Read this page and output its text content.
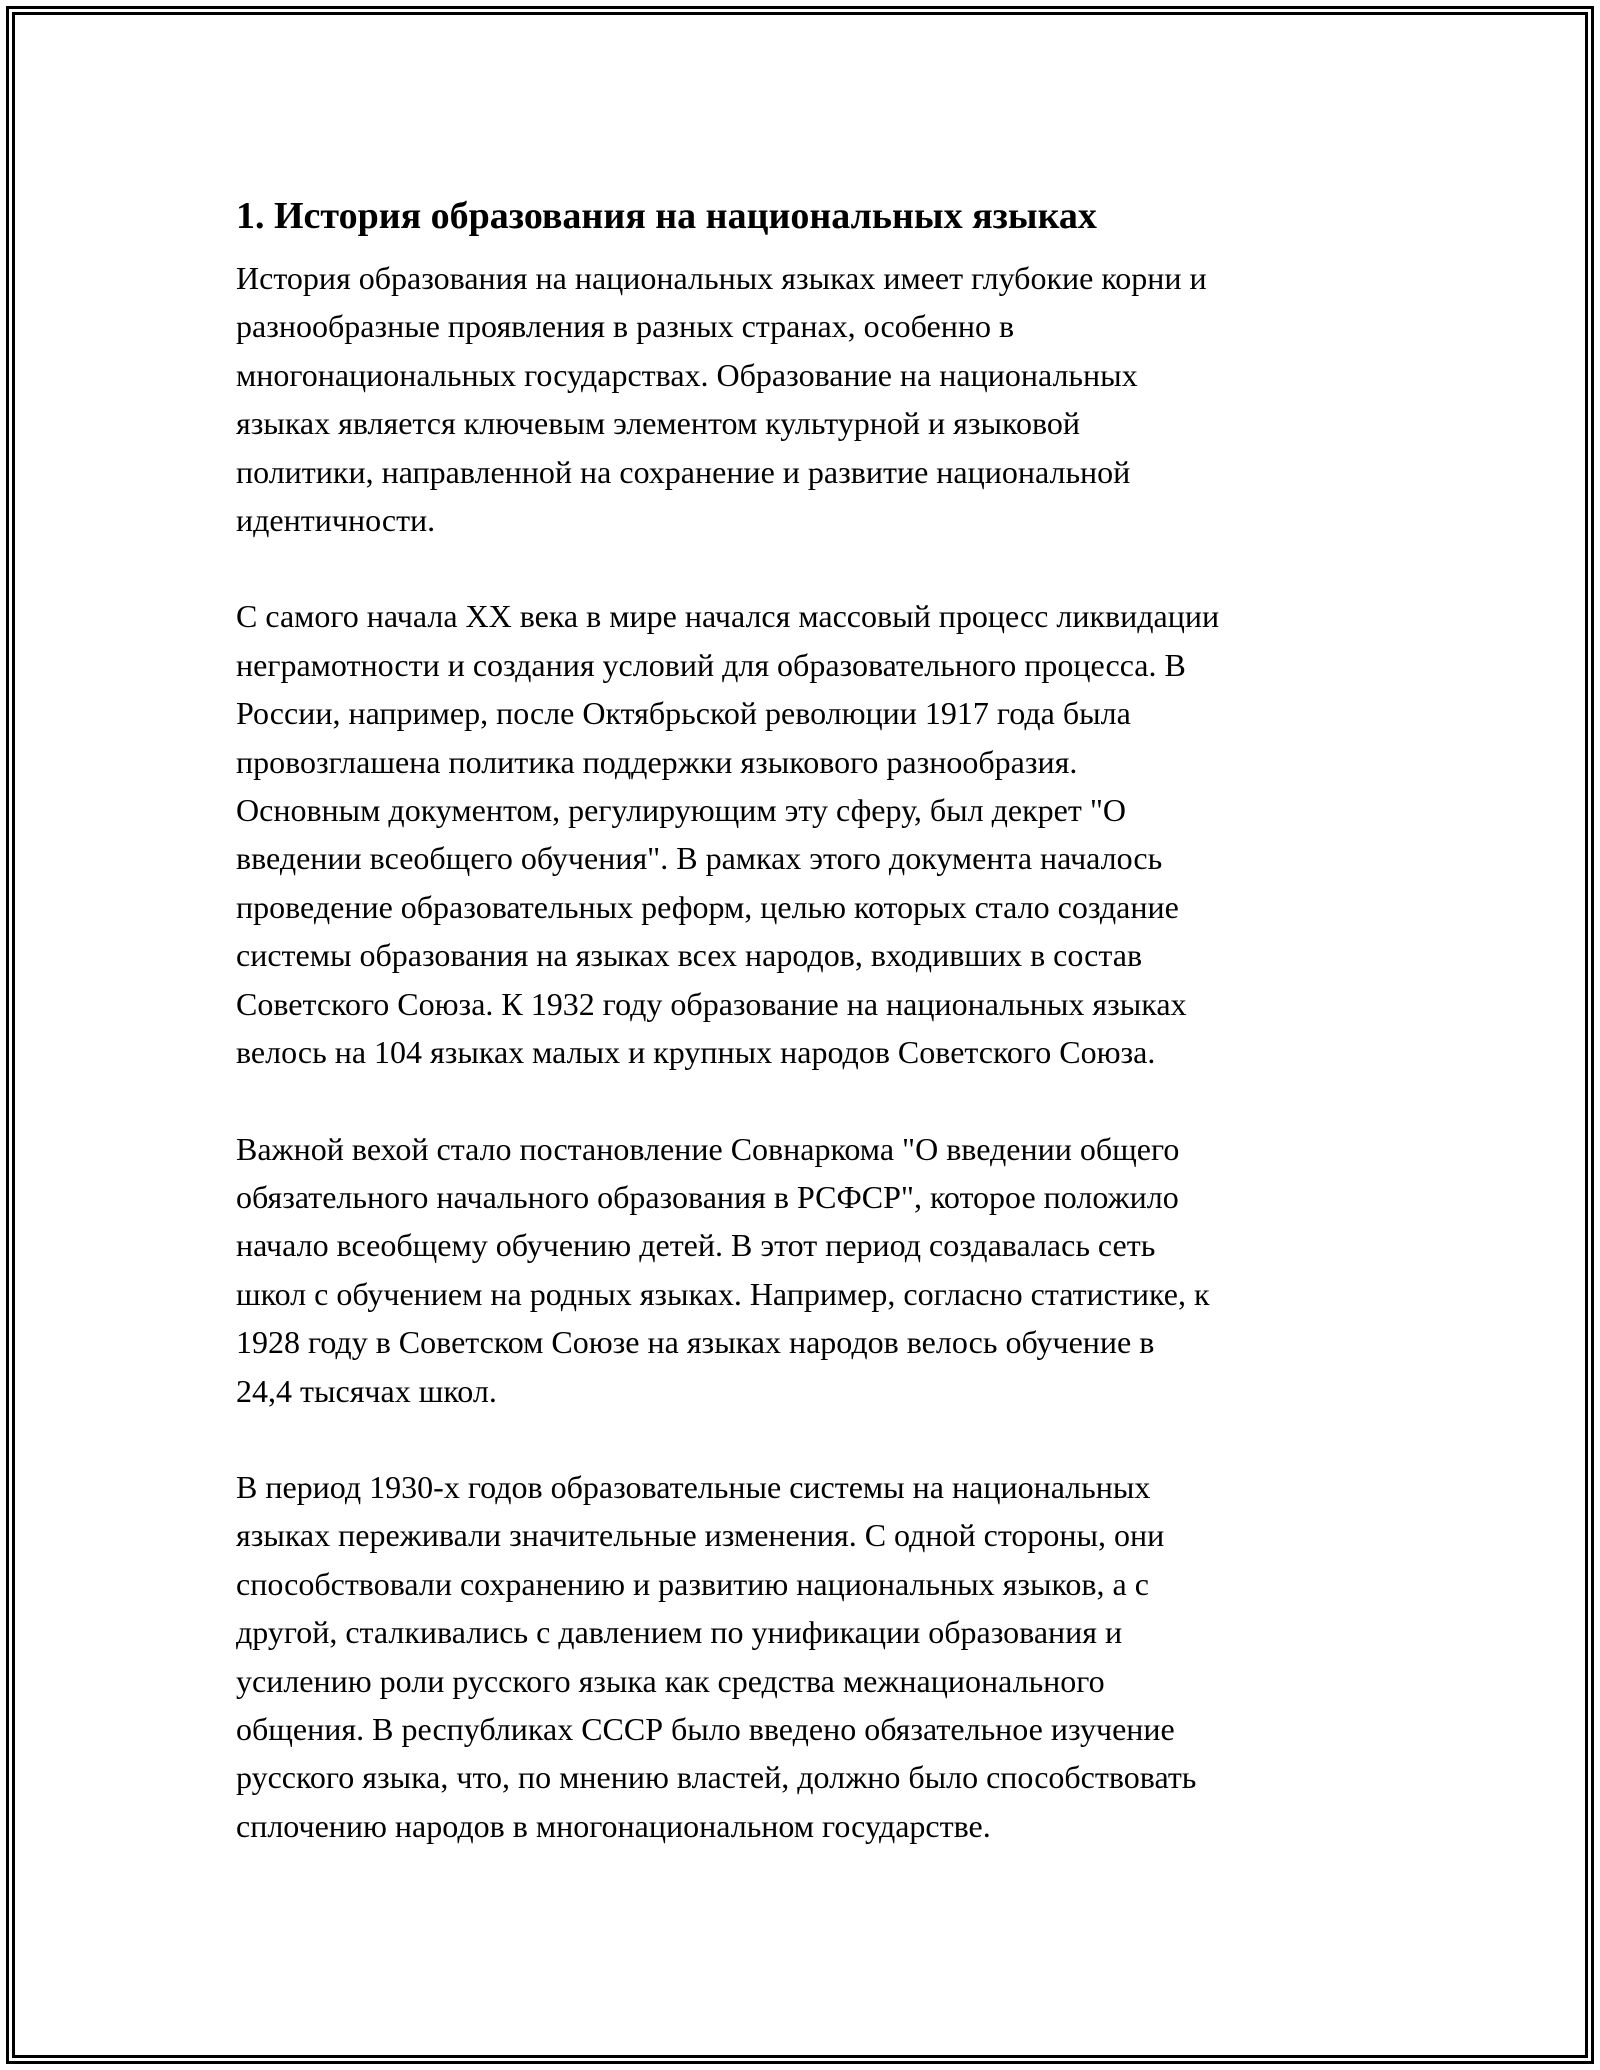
1. История образования на национальных языках

История образования на национальных языках имеет глубокие корни и
разнообразные проявления в разных странах, особенно в
многонациональных государствах. Образование на национальных
языках является ключевым элементом культурной и языковой
политики, направленной на сохранение и развитие национальной
идентичности.

С самого начала XX века в мире начался массовый процесс ликвидации
неграмотности и создания условий для образовательного процесса. В
России, например, после Октябрьской революции 1917 года была
провозглашена политика поддержки языкового разнообразия.
Основным документом, регулирующим эту сферу, был декрет "О
введении всеобщего обучения". В рамках этого документа началось
проведение образовательных реформ, целью которых стало создание
системы образования на языках всех народов, входивших в состав
Советского Союза. К 1932 году образование на национальных языках
велось на 104 языках малых и крупных народов Советского Союза.

Важной вехой стало постановление Совнаркома "О введении общего
обязательного начального образования в РСФСР", которое положило
начало всеобщему обучению детей. В этот период создавалась сеть
школ с обучением на родных языках. Например, согласно статистике, к
1928 году в Советском Союзе на языках народов велось обучение в
24,4 тысячах школ.

В период 1930-х годов образовательные системы на национальных
языках переживали значительные изменения. С одной стороны, они
способствовали сохранению и развитию национальных языков, а с
другой, сталкивались с давлением по унификации образования и
усилению роли русского языка как средства межнационального
общения. В республиках СССР было введено обязательное изучение
русского языка, что, по мнению властей, должно было способствовать
сплочению народов в многонациональном государстве.
